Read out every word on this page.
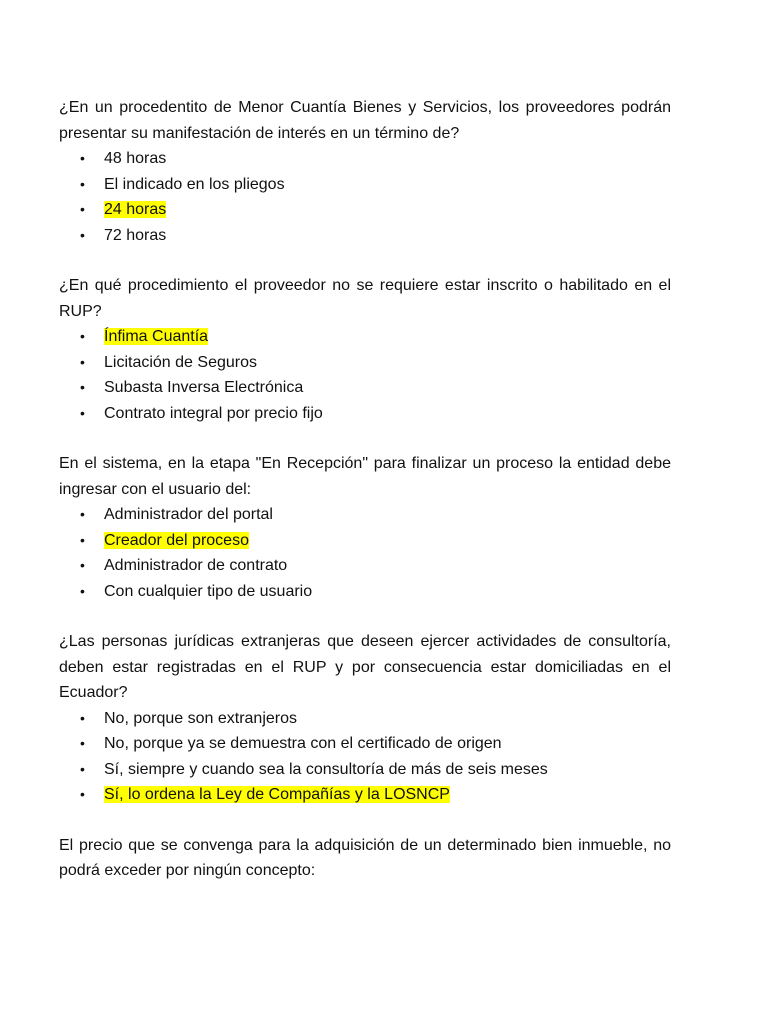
¿En un procedentito de Menor Cuantía Bienes y Servicios, los proveedores podrán presentar su manifestación de interés en un término de?

• 48 horas
• El indicado en los pliegos
• 24 horas
• 72 horas

¿En qué procedimiento el proveedor no se requiere estar inscrito o habilitado en el RUP?

• Ínfima Cuantía
• Licitación de Seguros
• Subasta Inversa Electrónica
• Contrato integral por precio fijo

En el sistema, en la etapa "En Recepción" para finalizar un proceso la entidad debe ingresar con el usuario del:

• Administrador del portal
• Creador del proceso
• Administrador de contrato
• Con cualquier tipo de usuario

¿Las personas jurídicas extranjeras que deseen ejercer actividades de consultoría, deben estar registradas en el RUP y por consecuencia estar domiciliadas en el Ecuador?

• No, porque son extranjeros
• No, porque ya se demuestra con el certificado de origen
• Sí, siempre y cuando sea la consultoría de más de seis meses
• Sí, lo ordena la Ley de Compañías y la LOSNCP

El precio que se convenga para la adquisición de un determinado bien inmueble, no podrá exceder por ningún concepto:
